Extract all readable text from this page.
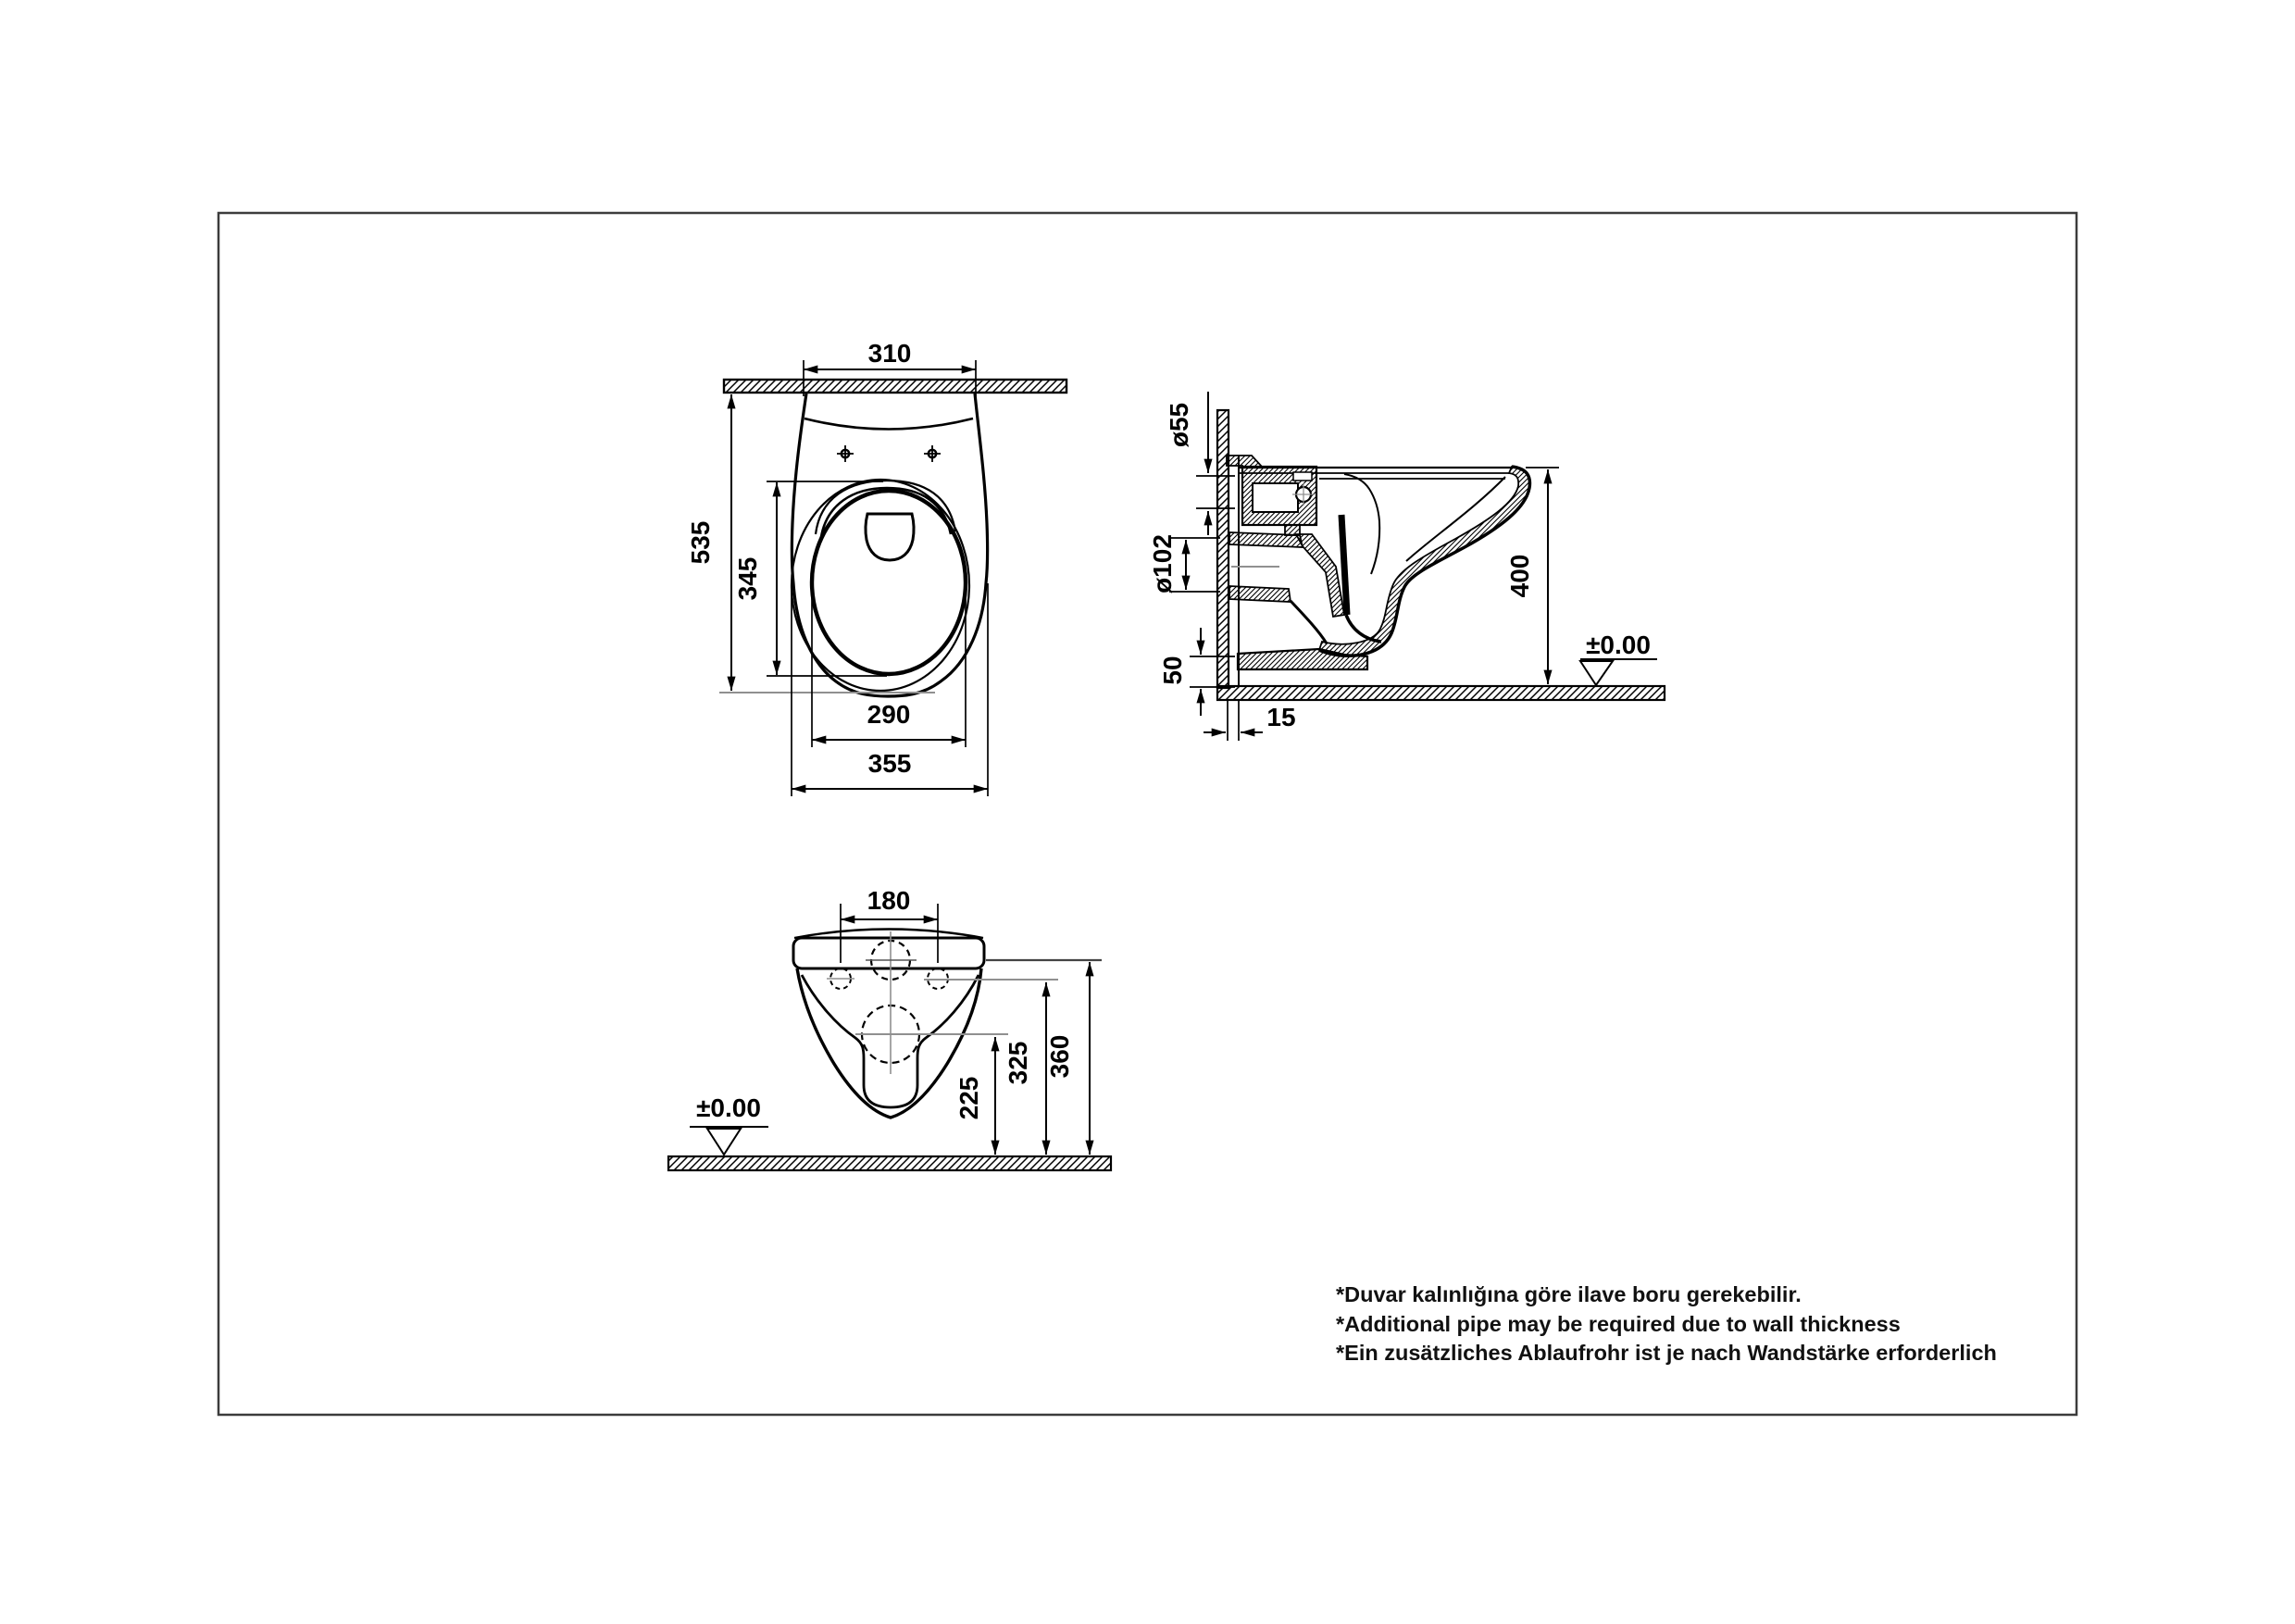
310
345
535
290
355
ø55
ø102
50
15
400
±0.00
180
225
325 360
±0.00

*Duvar kalınlığına göre ilave boru gerekebilir.

*Additional pipe may be required due to wall thickness

*Ein zusätzliches Ablaufrohr ist je nach Wandstärke erforderlich
